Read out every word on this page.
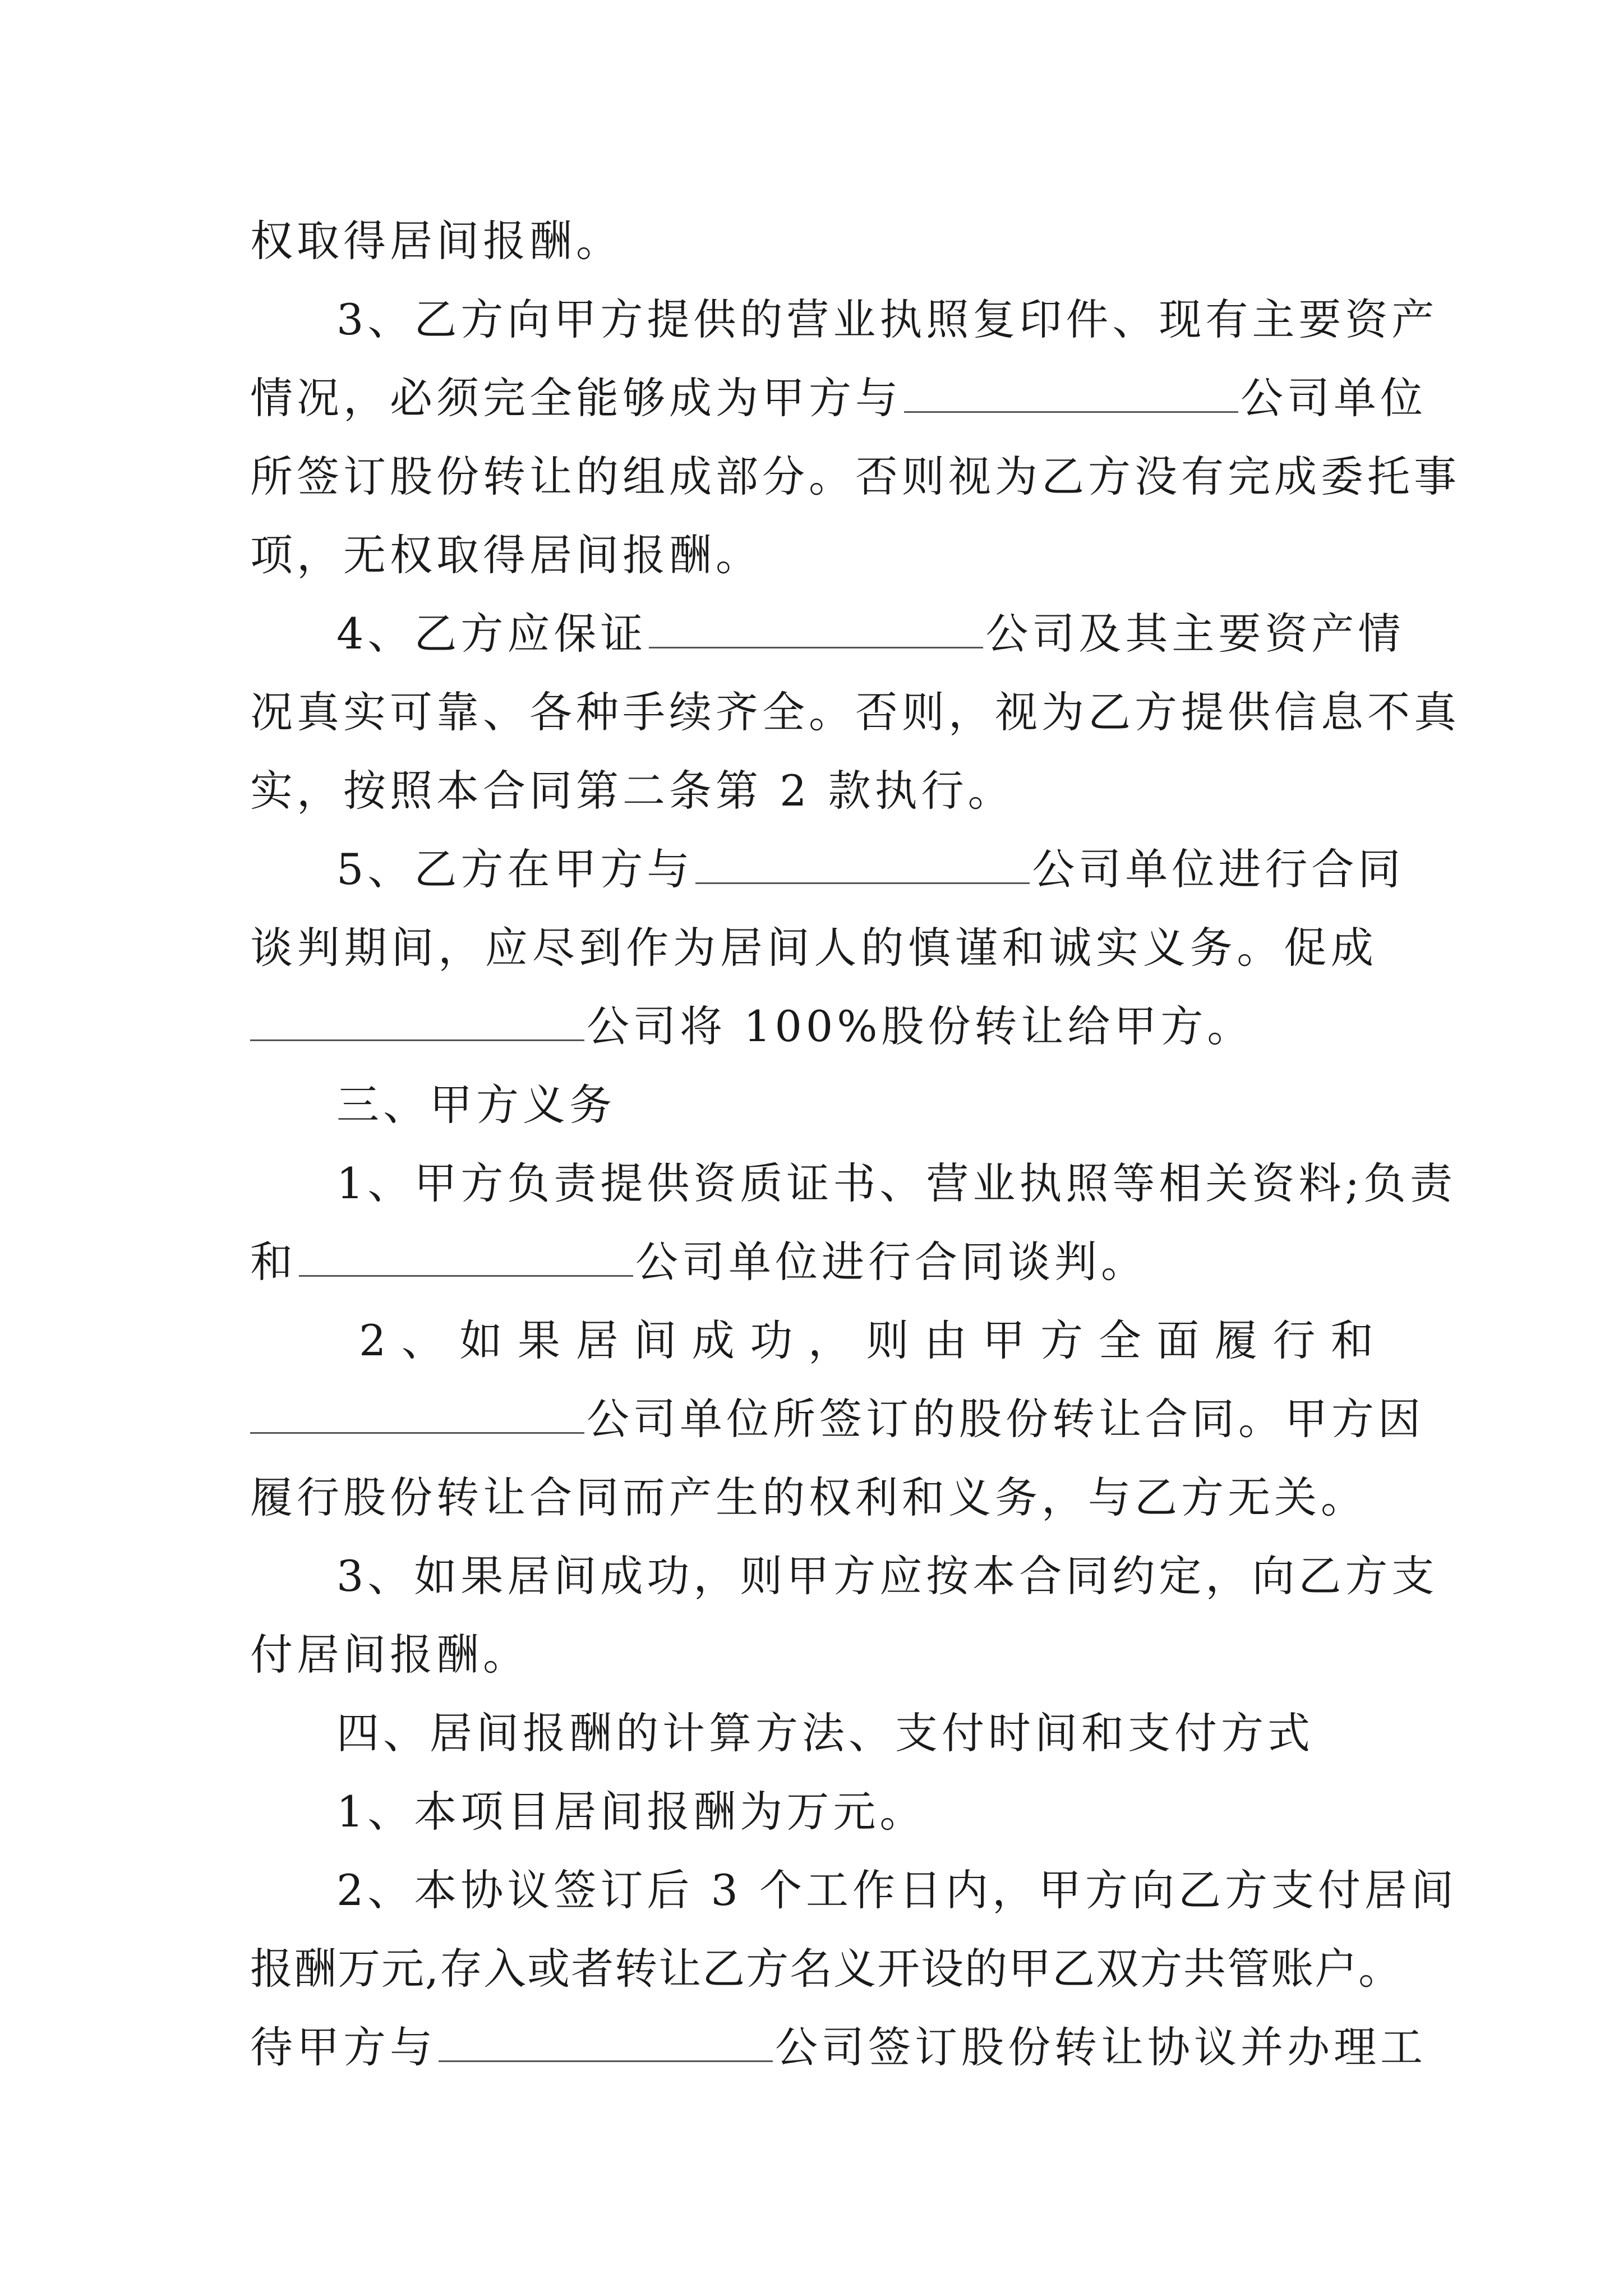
权取得居间报酬。
3、乙方向甲方提供的营业执照复印件、现有主要资产
情况，必须完全能够成为甲方与	公司单位
所签订股份转让的组成部分。否则视为乙方没有完成委托事
项，无权取得居间报酬。
4、乙方应保证	公司及其主要资产情
况真实可靠、各种手续齐全。否则，视为乙方提供信息不真
实，按照本合同第二条第 2 款执行。
5、乙方在甲方与	公司单位进行合同
谈判期间，应尽到作为居间人的慎谨和诚实义务。促成
公司将 100%股份转让给甲方。
三、甲方义务
1、甲方负责提供资质证书、营业执照等相关资料;负责
和	公司单位进行合同谈判。
2、如果居间成功，则由甲方全面履行和
公司单位所签订的股份转让合同。甲方因
履行股份转让合同而产生的权利和义务，与乙方无关。
3、如果居间成功，则甲方应按本合同约定，向乙方支
付居间报酬。
四、居间报酬的计算方法、支付时间和支付方式
1、本项目居间报酬为万元。
2、本协议签订后 3 个工作日内，甲方向乙方支付居间
报酬万元,存入或者转让乙方名义开设的甲乙双方共管账户。
待甲方与	公司签订股份转让协议并办理工
